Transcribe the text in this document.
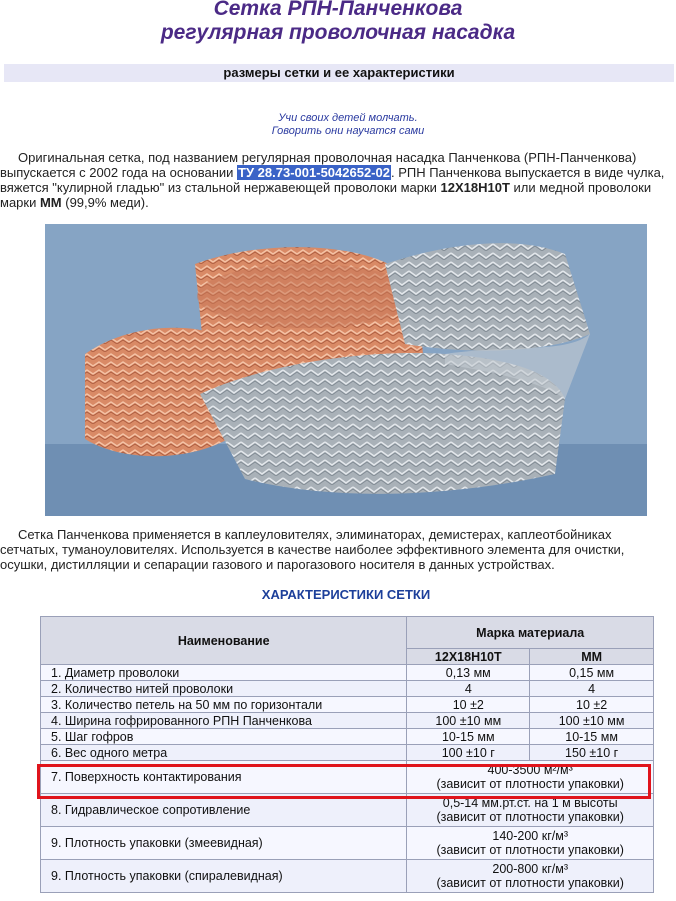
Сетка РПН-Панченкова
регулярная проволочная насадка
размеры сетки и ее характеристики
Учи своих детей молчать.
Говорить они научатся сами

Оригинальная сетка, под названием регулярная проволочная насадка Панченкова (РПН-Панченкова) выпускается с 2002 года на основании ТУ 28.73-001-5042652-02. РПН Панченкова выпускается в виде чулка, вяжется "кулирной гладью" из стальной нержавеющей проволоки марки 12Х18Н10Т или медной проволоки марки ММ (99,9% меди).

Сетка Панченкова применяется в каплеуловителях, элиминаторах, демистерах, каплеотбойниках сетчатых, туманоуловителях. Используется в качестве наиболее эффективного элемента для очистки, осушки, дистилляции и сепарации газового и парогазового носителя в данных устройствах.

ХАРАКТЕРИСТИКИ СЕТКИ
Наименование	Марка материала	
	12Х18Н10Т	ММ
1. Диаметр проволоки	0,13 мм	0,15 мм
2. Количество нитей проволоки	4	4
3. Количество петель на 50 мм по горизонтали	10 ±2	10 ±2
4. Ширина гофрированного РПН Панченкова	100 ±10 мм	100 ±10 мм
5. Шаг гофров	10-15 мм	10-15 мм
6. Вес одного метра	100 ±10 г	150 ±10 г
7. Поверхность контактирования	400-3500 м²/м³
(зависит от плотности упаковки)	

8. Гидравлическое сопротивление	0,5-14 мм.рт.ст. на 1 м высоты
(зависит от плотности упаковки)	

9. Плотность упаковки (змеевидная)	140-200 кг/м³
(зависит от плотности упаковки)	

9. Плотность упаковки (спиралевидная)	200-800 кг/м³
(зависит от плотности упаковки)	
